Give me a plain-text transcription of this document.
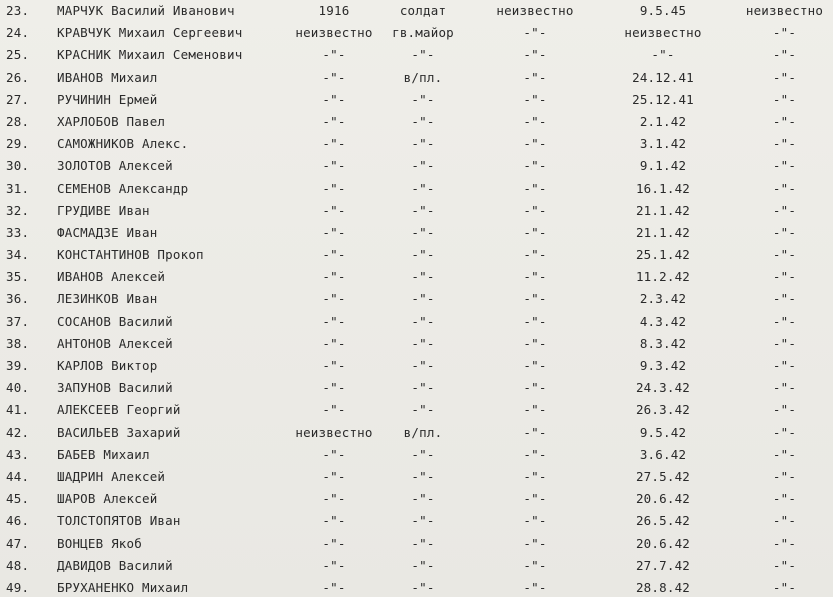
23.	МАРЧУК Василий Иванович	1916	солдат	неизвестно	9.5.45	неизвестно
24.	КРАВЧУК Михаил Сергеевич	неизвестно	гв.майор	-"-	неизвестно	-"-
25.	КРАСНИК Михаил Семенович	-"-	-"-	-"-	-"-	-"-
26.	ИВАНОВ Михаил	-"-	в/пл.	-"-	24.12.41	-"-
27.	РУЧИНИН Ермей	-"-	-"-	-"-	25.12.41	-"-
28.	ХАРЛОБОВ Павел	-"-	-"-	-"-	2.1.42	-"-
29.	САМОЖНИКОВ Алекс.	-"-	-"-	-"-	3.1.42	-"-
30.	ЗОЛОТОВ Алексей	-"-	-"-	-"-	9.1.42	-"-
31.	СЕМЕНОВ Александр	-"-	-"-	-"-	16.1.42	-"-
32.	ГРУДИВЕ Иван	-"-	-"-	-"-	21.1.42	-"-
33.	ФАСМАДЗЕ Иван	-"-	-"-	-"-	21.1.42	-"-
34.	КОНСТАНТИНОВ Прокоп	-"-	-"-	-"-	25.1.42	-"-
35.	ИВАНОВ Алексей	-"-	-"-	-"-	11.2.42	-"-
36.	ЛЕЗИНКОВ Иван	-"-	-"-	-"-	2.3.42	-"-
37.	СОСАНОВ Василий	-"-	-"-	-"-	4.3.42	-"-
38.	АНТОНОВ Алексей	-"-	-"-	-"-	8.3.42	-"-
39.	КАРЛОВ Виктор	-"-	-"-	-"-	9.3.42	-"-
40.	ЗАПУНОВ Василий	-"-	-"-	-"-	24.3.42	-"-
41.	АЛЕКСЕЕВ Георгий	-"-	-"-	-"-	26.3.42	-"-
42.	ВАСИЛЬЕВ Захарий	неизвестно	в/пл.	-"-	9.5.42	-"-
43.	БАБЕВ Михаил	-"-	-"-	-"-	3.6.42	-"-
44.	ШАДРИН Алексей	-"-	-"-	-"-	27.5.42	-"-
45.	ШАРОВ Алексей	-"-	-"-	-"-	20.6.42	-"-
46.	ТОЛСТОПЯТОВ Иван	-"-	-"-	-"-	26.5.42	-"-
47.	ВОНЦЕВ Якоб	-"-	-"-	-"-	20.6.42	-"-
48.	ДАВИДОВ Василий	-"-	-"-	-"-	27.7.42	-"-
49.	БРУХАНЕНКО Михаил	-"-	-"-	-"-	28.8.42	-"-
